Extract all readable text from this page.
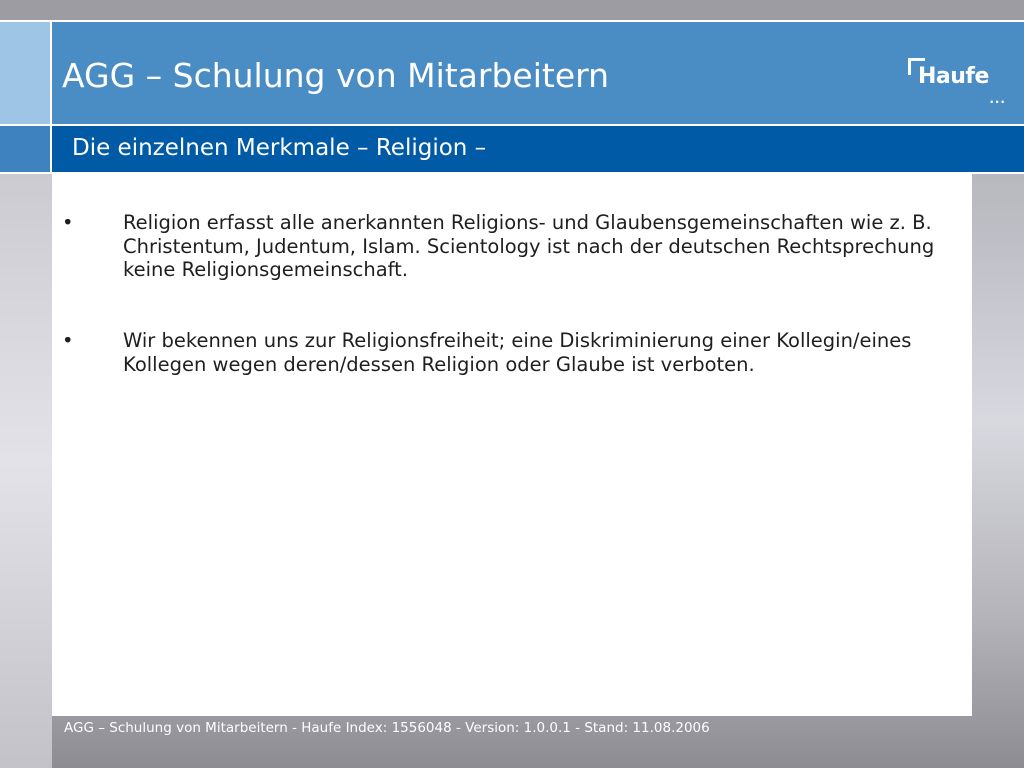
AGG – Schulung von Mitarbeitern	Haufe
...
Die einzelnen Merkmale – Religion –
•	Religion erfasst alle anerkannten Religions- und Glaubensgemeinschaften wie z. B. Christentum, Judentum, Islam. Scientology ist nach der deutschen Rechtsprechung keine Religionsgemeinschaft.
•	Wir bekennen uns zur Religionsfreiheit; eine Diskriminierung einer Kollegin/eines Kollegen wegen deren/dessen Religion oder Glaube ist verboten.
AGG – Schulung von Mitarbeitern - Haufe Index: 1556048 - Version: 1.0.0.1 - Stand: 11.08.2006
